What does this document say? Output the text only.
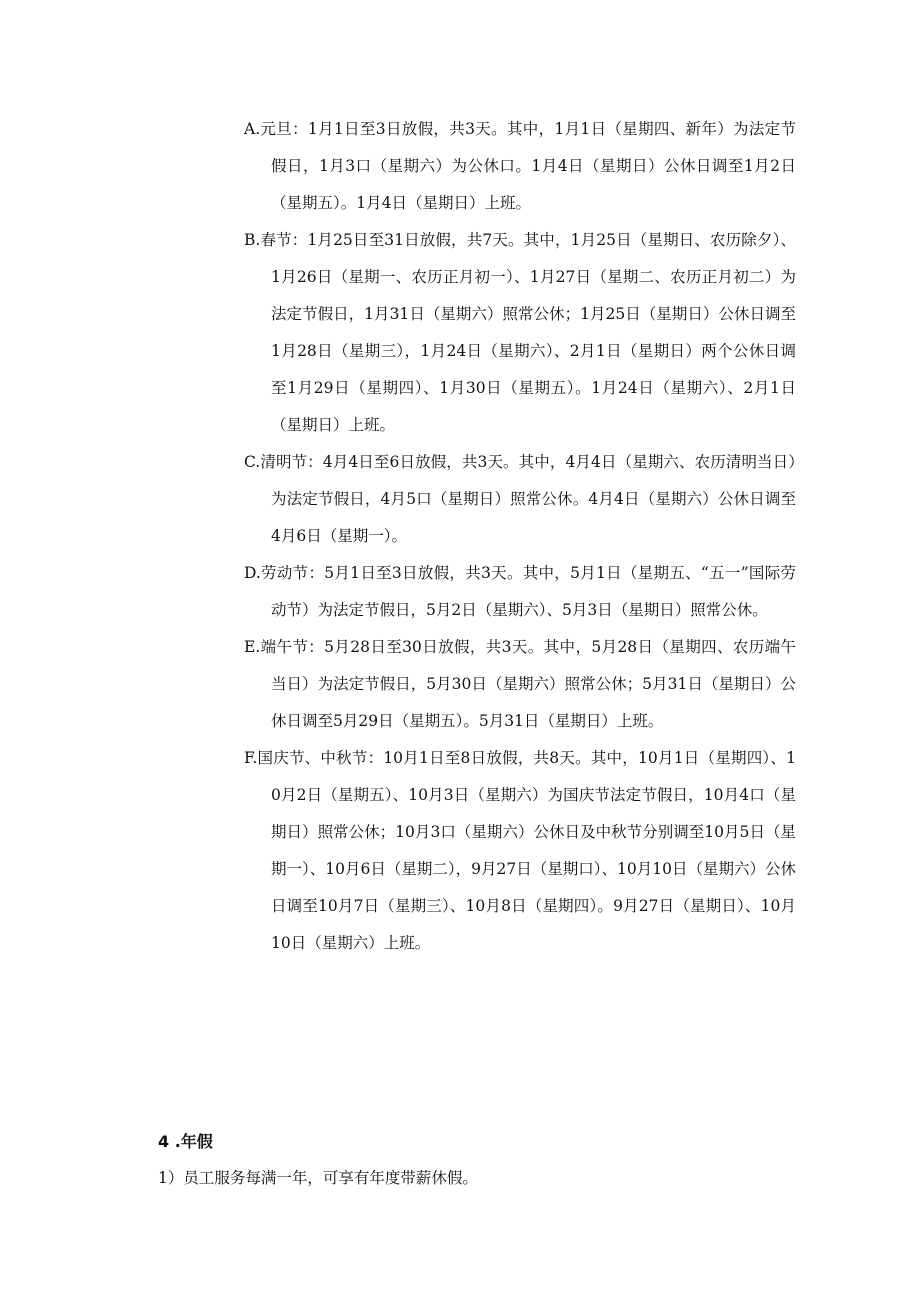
A.元旦：1月1日至3日放假，共3天。其中，1月1日（星期四、新年）为法定节假日，1月3口（星期六）为公休口。1月4日（星期日）公休日调至1月2日（星期五）。1月4日（星期日）上班。
B.春节：1月25日至31日放假，共7天。其中，1月25日（星期日、农历除夕）、1月26日（星期一、农历正月初一）、1月27日（星期二、农历正月初二）为法定节假日，1月31日（星期六）照常公休；1月25日（星期日）公休日调至1月28日（星期三），1月24日（星期六）、2月1日（星期日）两个公休日调至1月29日（星期四）、1月30日（星期五）。1月24日（星期六）、2月1日（星期日）上班。
C.清明节：4月4日至6日放假，共3天。其中，4月4日（星期六、农历清明当日）为法定节假日，4月5口（星期日）照常公休。4月4日（星期六）公休日调至4月6日（星期一）。
D.劳动节：5月1日至3日放假，共3天。其中，5月1日（星期五、“五一”国际劳动节）为法定节假日，5月2日（星期六）、5月3日（星期日）照常公休。
E.端午节：5月28日至30日放假，共3天。其中，5月28日（星期四、农历端午当日）为法定节假日，5月30日（星期六）照常公休；5月31日（星期日）公休日调至5月29日（星期五）。5月31日（星期日）上班。
F.国庆节、中秋节：10月1日至8日放假，共8天。其中，10月1日（星期四）、10月2日（星期五）、10月3日（星期六）为国庆节法定节假日，10月4口（星期日）照常公休；10月3口（星期六）公休日及中秋节分别调至10月5日（星期一）、10月6日（星期二），9月27日（星期口）、10月10日（星期六）公休日调至10月7日（星期三）、10月8日（星期四）。9月27日（星期日）、10月10日（星期六）上班。
4 .年假

1）员工服务每满一年，可享有年度带薪休假。
